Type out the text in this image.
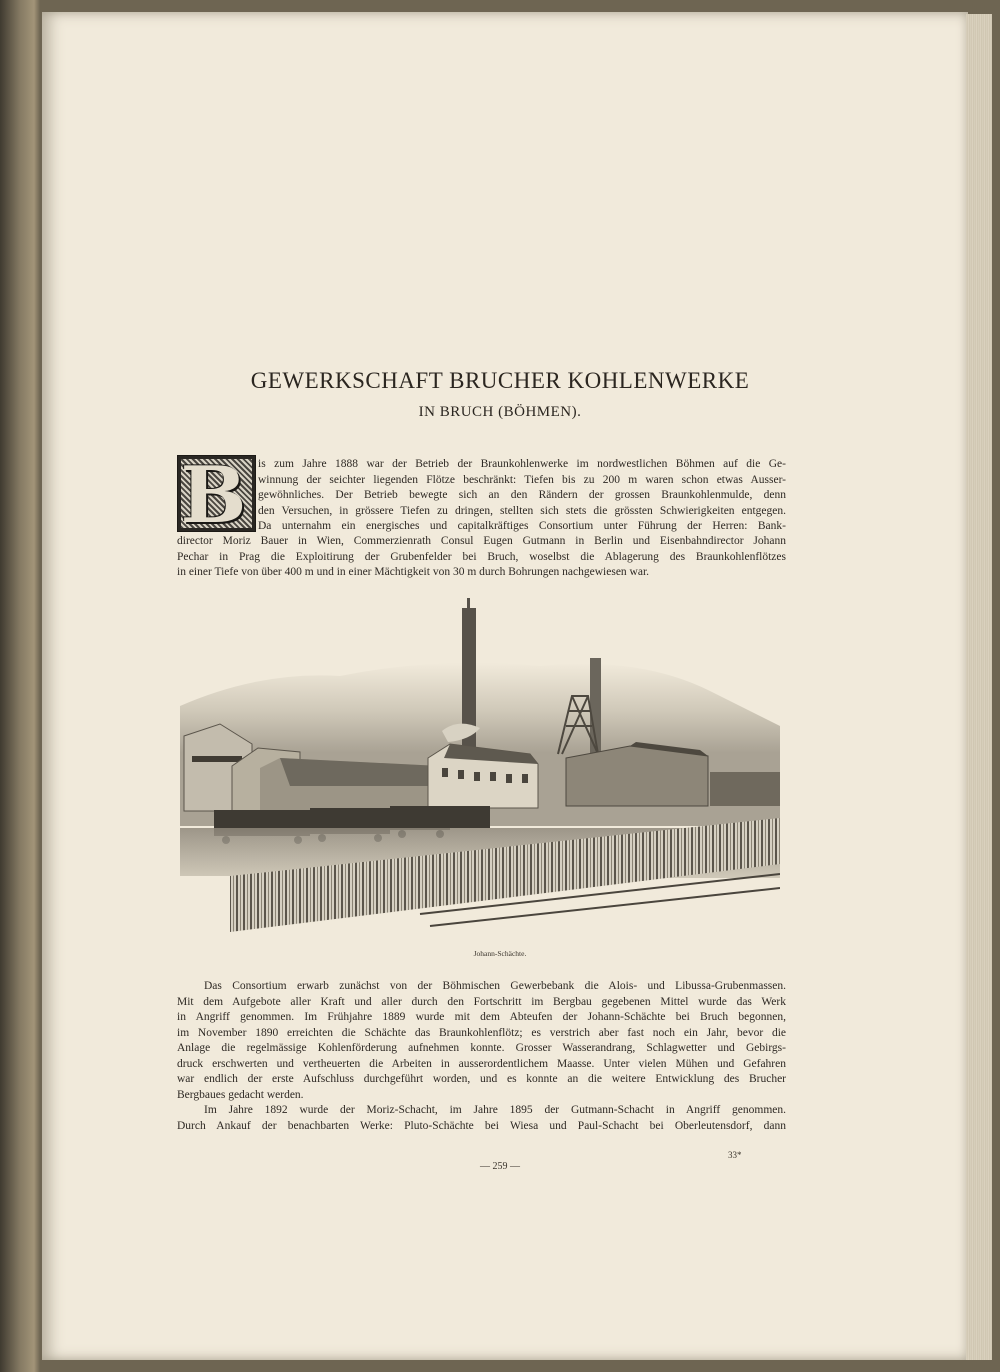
GEWERKSCHAFT BRUCHER KOHLENWERKE
IN BRUCH (BÖHMEN).
B is zum Jahre 1888 war der Betrieb der Braunkohlenwerke im nordwestlichen Böhmen auf die Ge-
winnung der seichter liegenden Flötze beschränkt: Tiefen bis zu 200 m waren schon etwas Ausser-
gewöhnliches. Der Betrieb bewegte sich an den Rändern der grossen Braunkohlenmulde, denn
den Versuchen, in grössere Tiefen zu dringen, stellten sich stets die grössten Schwierigkeiten entgegen.
Da unternahm ein energisches und capitalkräftiges Consortium unter Führung der Herren: Bank-
director Moriz Bauer in Wien, Commerzienrath Consul Eugen Gutmann in Berlin und Eisenbahndirector Johann
Pechar in Prag die Exploitirung der Grubenfelder bei Bruch, woselbst die Ablagerung des Braunkohlenflötzes
in einer Tiefe von über 400 m und in einer Mächtigkeit von 30 m durch Bohrungen nachgewiesen war.
Johann-Schächte.
Das Consortium erwarb zunächst von der Böhmischen Gewerbebank die Alois- und Libussa-Grubenmassen.
Mit dem Aufgebote aller Kraft und aller durch den Fortschritt im Bergbau gegebenen Mittel wurde das Werk
in Angriff genommen. Im Frühjahre 1889 wurde mit dem Abteufen der Johann-Schächte bei Bruch begonnen,
im November 1890 erreichten die Schächte das Braunkohlenflötz; es verstrich aber fast noch ein Jahr, bevor die
Anlage die regelmässige Kohlenförderung aufnehmen konnte. Grosser Wasserandrang, Schlagwetter und Gebirgs-
druck erschwerten und vertheuerten die Arbeiten in ausserordentlichem Maasse. Unter vielen Mühen und Gefahren
war endlich der erste Aufschluss durchgeführt worden, und es konnte an die weitere Entwicklung des Brucher
Bergbaues gedacht werden.
Im Jahre 1892 wurde der Moriz-Schacht, im Jahre 1895 der Gutmann-Schacht in Angriff genommen.
Durch Ankauf der benachbarten Werke: Pluto-Schächte bei Wiesa und Paul-Schacht bei Oberleutensdorf, dann
33*
— 259 —
